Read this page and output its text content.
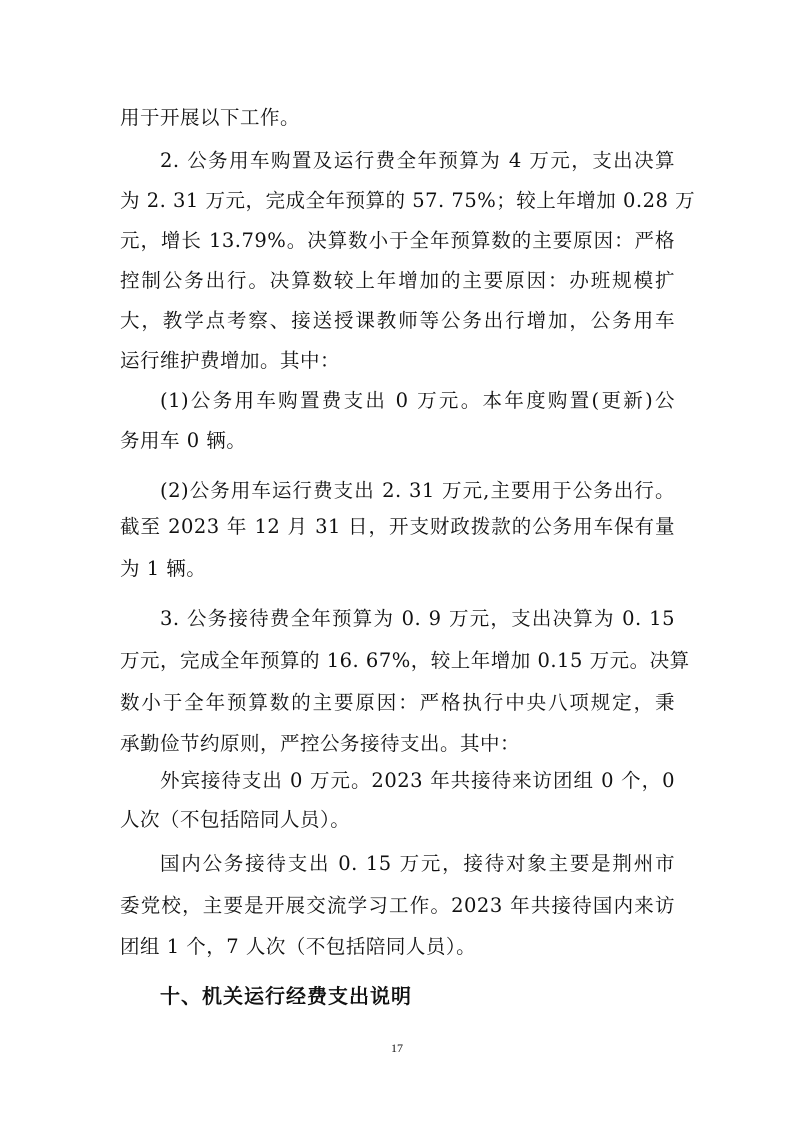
用于开展以下工作。
2. 公务用车购置及运行费全年预算为 4 万元，支出决算
为 2. 31 万元，完成全年预算的 57. 75%；较上年增加 0.28 万
元，增长 13.79%。决算数小于全年预算数的主要原因：严格
控制公务出行。决算数较上年增加的主要原因：办班规模扩
大，教学点考察、接送授课教师等公务出行增加，公务用车
运行维护费增加。其中：
(1)公务用车购置费支出 0 万元。本年度购置(更新)公
务用车 0 辆。
(2)公务用车运行费支出 2. 31 万元,主要用于公务出行。
截至 2023 年 12 月 31 日，开支财政拨款的公务用车保有量
为 1 辆。
3. 公务接待费全年预算为 0. 9 万元，支出决算为 0. 15
万元，完成全年预算的 16. 67%，较上年增加 0.15 万元。决算
数小于全年预算数的主要原因：严格执行中央八项规定，秉
承勤俭节约原则，严控公务接待支出。其中：
外宾接待支出 0 万元。2023 年共接待来访团组 0 个，0
人次（不包括陪同人员）。
国内公务接待支出 0. 15 万元，接待对象主要是荆州市
委党校，主要是开展交流学习工作。2023 年共接待国内来访
团组 1 个，7 人次（不包括陪同人员）。
十、机关运行经费支出说明
17
